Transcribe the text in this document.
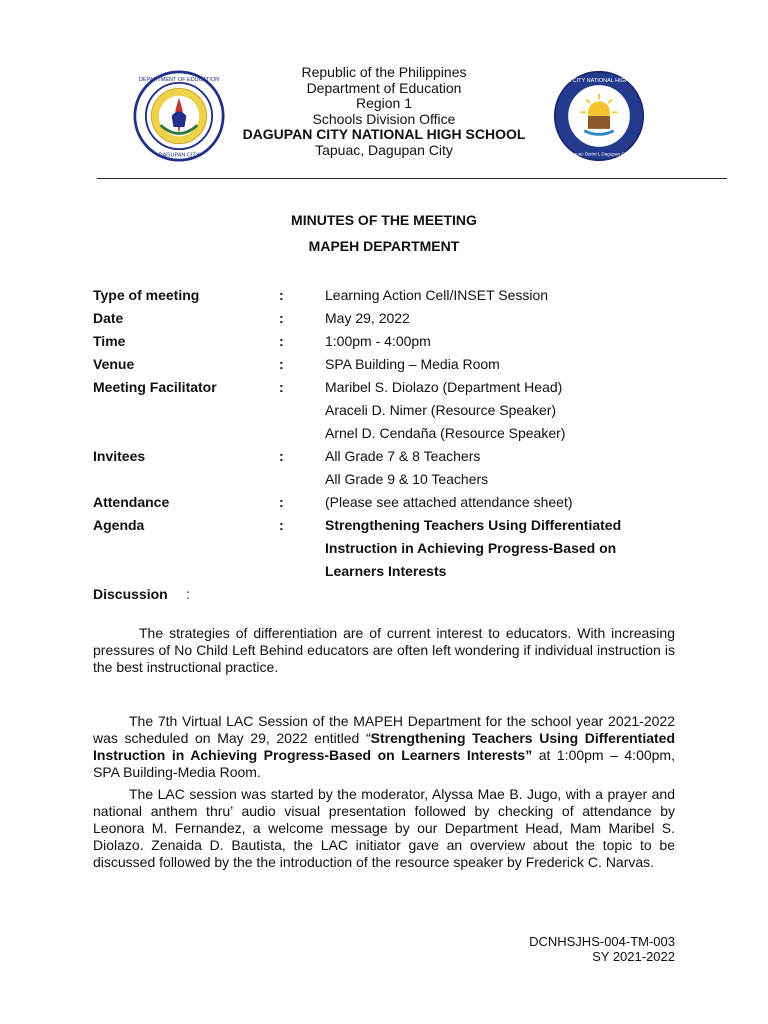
DEPARTMENT OF EDUCATION
DAGUPAN CITY
DAGUPAN CITY NATIONAL HIGH SCHOOL
Tapuac District, Dagupan City
Republic of the Philippines
Department of Education
Region 1
Schools Division Office
DAGUPAN CITY NATIONAL HIGH SCHOOL
Tapuac, Dagupan City
___________________________________________________________________________________
MINUTES OF THE MEETING
MAPEH DEPARTMENT
Type of meeting	:	Learning Action Cell/INSET Session
Date	:	May 29, 2022
Time	:	1:00pm - 4:00pm
Venue	:	SPA Building – Media Room
Meeting Facilitator	:	Maribel S. Diolazo (Department Head)
Araceli D. Nimer (Resource Speaker)
Arnel D. Cendaña (Resource Speaker)
Invitees	:	All Grade 7 & 8 Teachers
All Grade 9 & 10 Teachers
Attendance	:	(Please see attached attendance sheet)
Agenda	:	Strengthening Teachers Using Differentiated
Instruction in Achieving Progress-Based on
Learners Interests
Discussion :
The strategies of differentiation are of current interest to educators. With increasing pressures of No Child Left Behind educators are often left wondering if individual instruction is the best instructional practice.
The 7th Virtual LAC Session of the MAPEH Department for the school year 2021-2022 was scheduled on May 29, 2022 entitled “Strengthening Teachers Using Differentiated Instruction in Achieving Progress-Based on Learners Interests” at 1:00pm – 4:00pm, SPA Building-Media Room.
The LAC session was started by the moderator, Alyssa Mae B. Jugo, with a prayer and national anthem thru’ audio visual presentation followed by checking of attendance by Leonora M. Fernandez, a welcome message by our Department Head, Mam Maribel S. Diolazo. Zenaida D. Bautista, the LAC initiator gave an overview about the topic to be discussed followed by the the introduction of the resource speaker by Frederick C. Narvas.
DCNHSJHS-004-TM-003
SY 2021-2022
